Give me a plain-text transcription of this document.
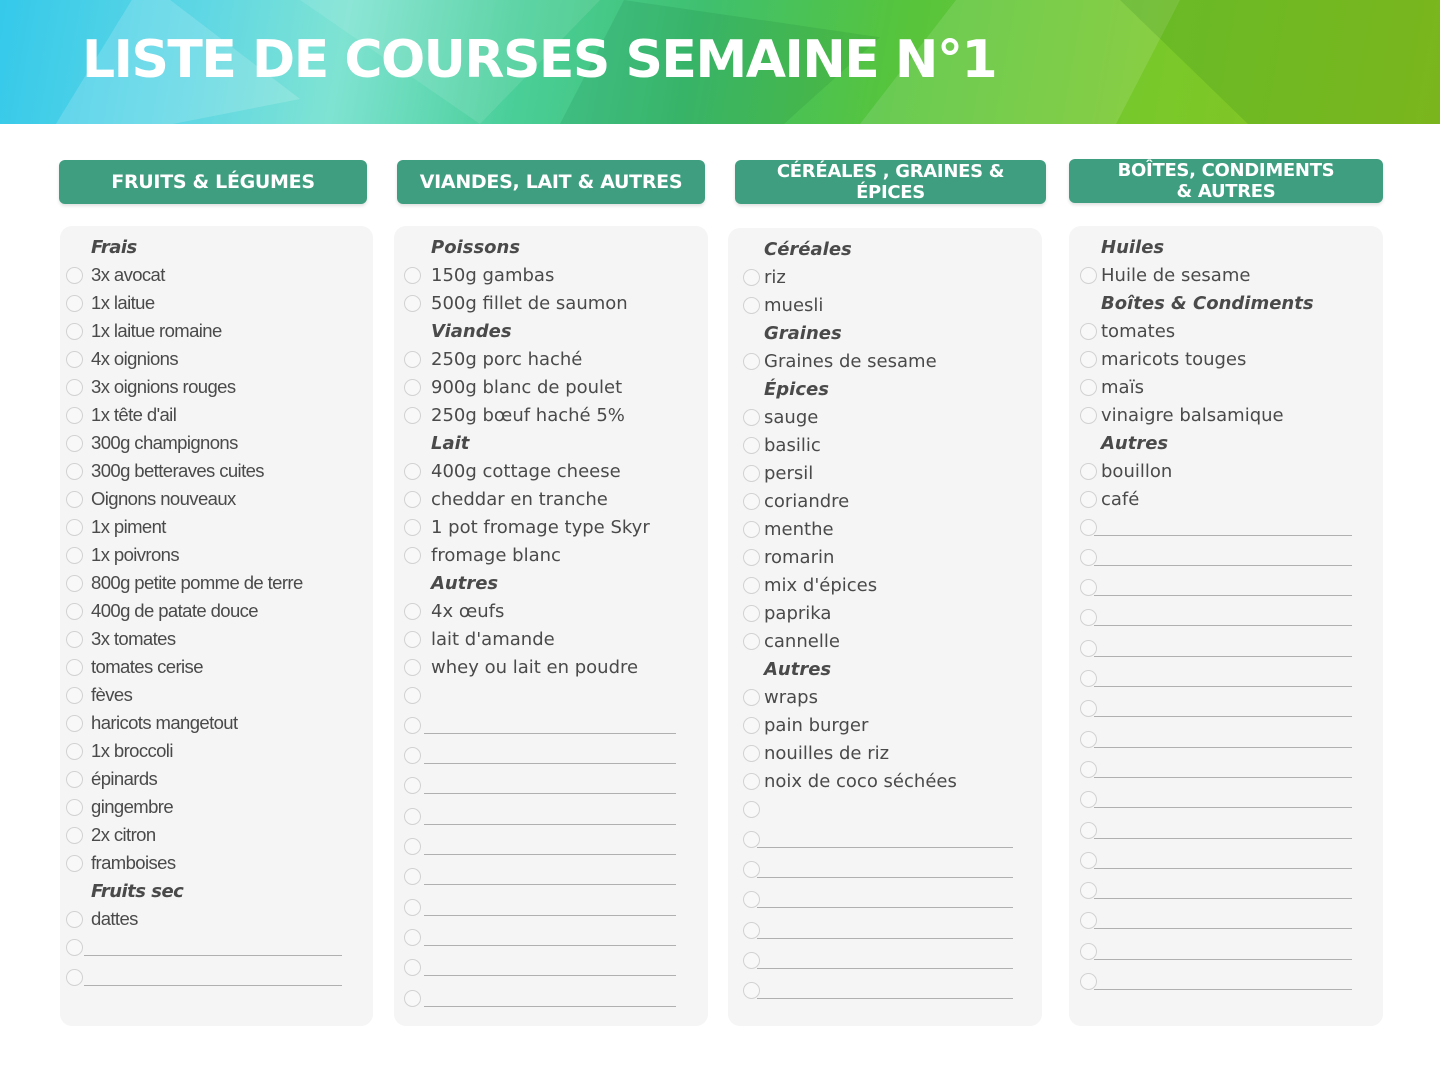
LISTE DE COURSES SEMAINE N°1
FRUITS & LÉGUMES
Frais
3x avocat
1x laitue
1x laitue romaine
4x oignions
3x oignions rouges
1x tête d'ail
300g champignons
300g betteraves cuites
Oignons nouveaux
1x piment
1x poivrons
800g petite pomme de terre
400g de patate douce
3x tomates
tomates cerise
fèves
haricots mangetout
1x broccoli
épinards
gingembre
2x citron
framboises
Fruits sec
dattes
VIANDES, LAIT & AUTRES
Poissons
150g gambas
500g fillet de saumon
Viandes
250g porc haché
900g blanc de poulet
250g bœuf haché 5%
Lait
400g cottage cheese
cheddar en tranche
1 pot fromage type Skyr
fromage blanc
Autres
4x œufs
lait d'amande
whey ou lait en poudre
CÉRÉALES , GRAINES & ÉPICES
Céréales
riz
muesli
Graines
Graines de sesame
Épices
sauge
basilic
persil
coriandre
menthe
romarin
mix d'épices
paprika
cannelle
Autres
wraps
pain burger
nouilles de riz
noix de coco séchées
BOÎTES, CONDIMENTS & AUTRES
Huiles
Huile de sesame
Boîtes & Condiments
tomates
maricots touges
maïs
vinaigre balsamique
Autres
bouillon
café
